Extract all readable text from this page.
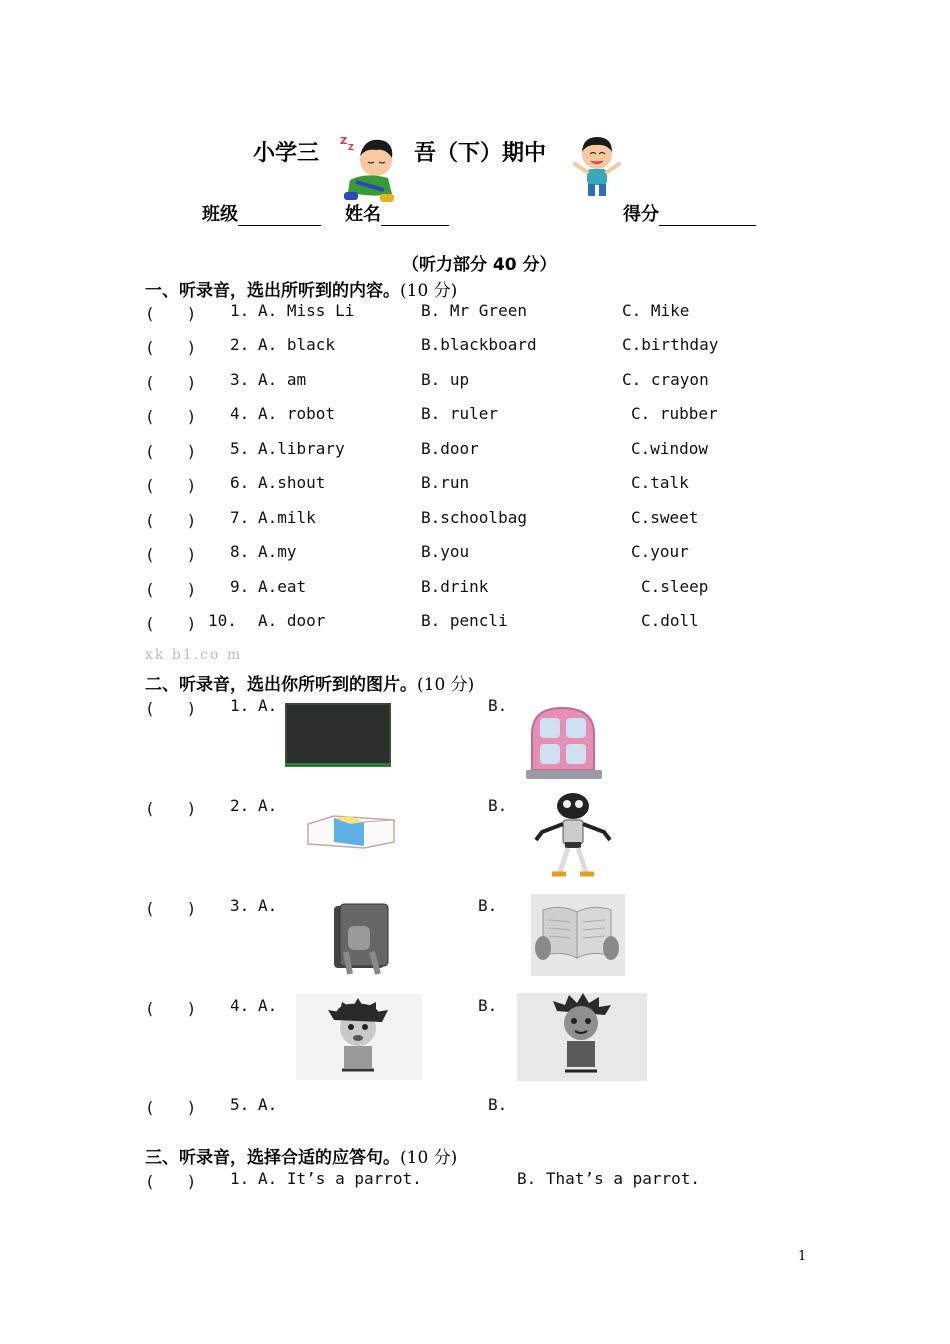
小学三	吾（下）期中
Z
Z
班级	姓名	得分
（听力部分 40 分）
一、听录音，选出所听到的内容。(10 分)
(　　) 1. A. Miss Li	B. Mr Green	C. Mike
(　　) 2. A. black	B.blackboard	C.birthday
(　　) 3. A. am	B. up	C. crayon
(　　) 4. A. robot	B. ruler	C. rubber
(　　) 5. A.library	B.door	C.window
(　　) 6. A.shout	B.run	C.talk
(　　) 7. A.milk	B.schoolbag	C.sweet
(　　) 8. A.my	B.you	C.your
(　　) 9. A.eat	B.drink	C.sleep
(　　) 10. A. door	B. pencli	C.doll
xk b1.co m
二、听录音，选出你所听到的图片。(10 分)
(　　) 1. A.	B.
(　　) 2. A.	B.
(　　) 3. A.	B.
(　　) 4. A.	B.
(　　) 5. A.	B.
三、听录音，选择合适的应答句。(10 分)
(　　) 1. A. It’s a parrot.	B. That’s a parrot.
1
